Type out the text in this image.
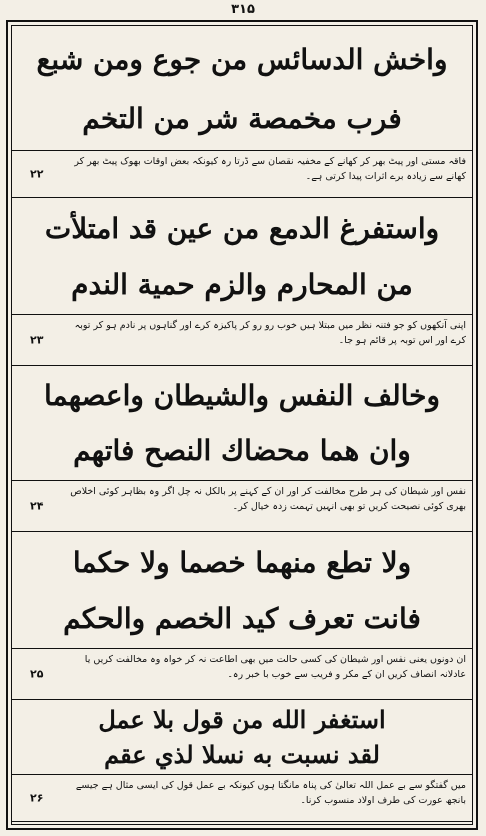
۳۱۵
واخش الدسائس من جوع ومن شبع
فرب مخمصة شر من التخم
۲۲
فاقہ مستی اور پیٹ بھر کر کھانے کے مخفیہ نقصان سے ڈرتا رہ کیونکہ بعض اوقات بھوک پیٹ بھر کر کھانے سے زیادہ برے اثرات پیدا کرتی ہے۔
واستفرغ الدمع من عين قد امتلأت
من المحارم والزم حمية الندم
۲۳
اپنی آنکھوں کو جو فتنہ نظر میں مبتلا ہیں خوب رو رو کر پاکیزہ کرے اور گناہوں پر نادم ہو کر توبہ کرے اور اس توبہ پر قائم ہو جا۔
وخالف النفس والشيطان واعصهما
وان هما محضاك النصح فاتهم
۲۴
نفس اور شیطان کی ہر طرح مخالفت کر اور ان کے کہنے پر بالکل نہ چل اگر وہ بظاہر کوئی اخلاص بھری کوئی نصیحت کریں تو بھی انہیں تہمت زدہ خیال کر۔
ولا تطع منهما خصما ولا حكما
فانت تعرف كيد الخصم والحكم
۲۵
ان دونوں یعنی نفس اور شیطان کی کسی حالت میں بھی اطاعت نہ کر خواہ وہ مخالفت کریں یا عادلانہ انصاف کریں ان کے مکر و فریب سے خوب با خبر رہ۔
استغفر الله من قول بلا عمل
لقد نسبت به نسلا لذي عقم
۲۶
میں گفتگو سے بے عمل اللہ تعالیٰ کی پناہ مانگتا ہوں کیونکہ بے عمل قول کی ایسی مثال ہے جیسے بانجھ عورت کی طرف اولاد منسوب کرنا۔
